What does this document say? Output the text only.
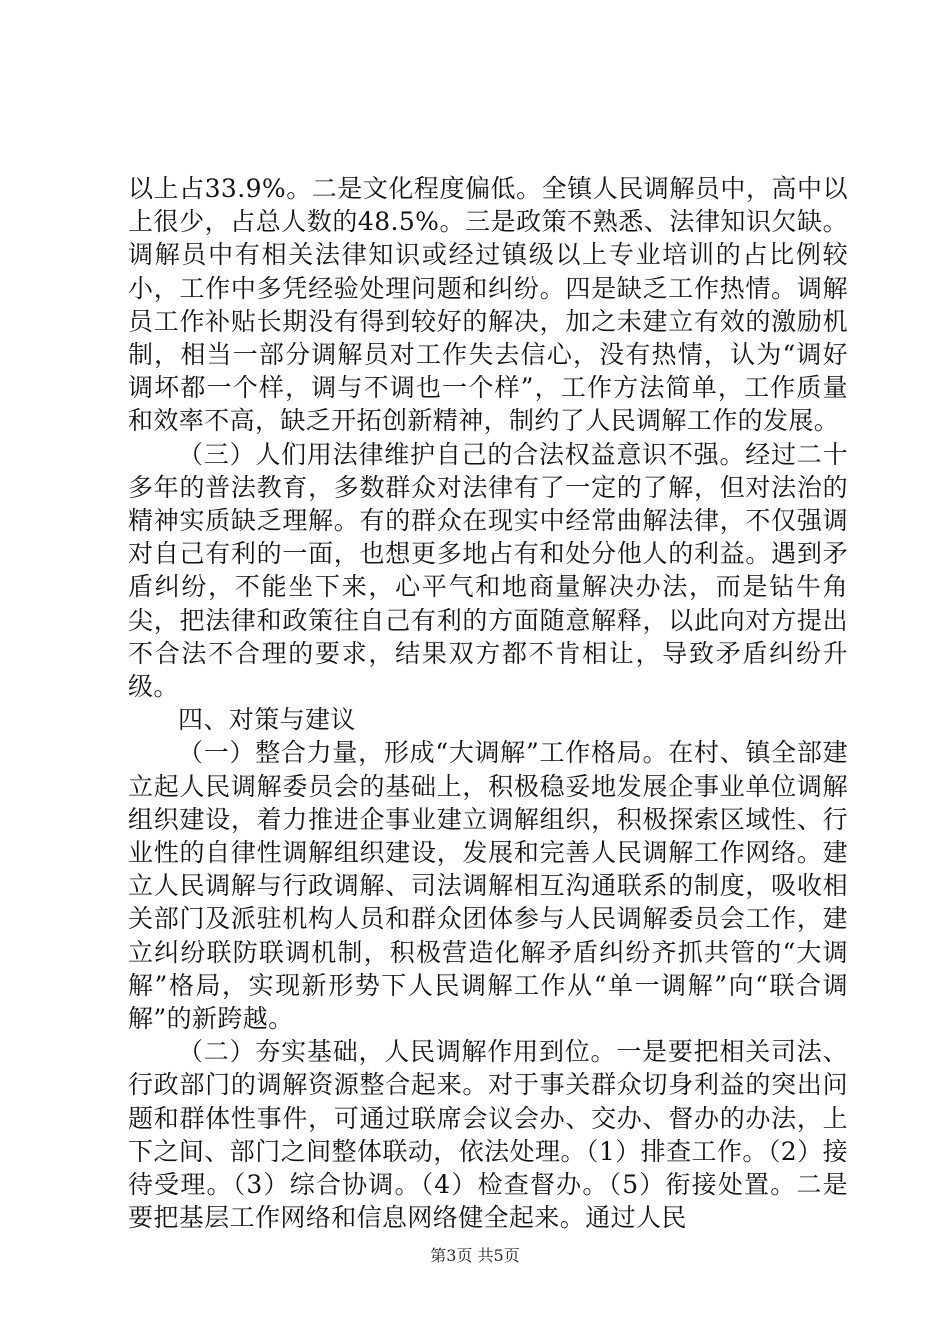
以上占33.9%。二是文化程度偏低。全镇人民调解员中，高中以上很少，占总人数的48.5%。三是政策不熟悉、法律知识欠缺。调解员中有相关法律知识或经过镇级以上专业培训的占比例较小，工作中多凭经验处理问题和纠纷。四是缺乏工作热情。调解员工作补贴长期没有得到较好的解决，加之未建立有效的激励机制，相当一部分调解员对工作失去信心，没有热情，认为“调好调坏都一个样，调与不调也一个样”，工作方法简单，工作质量和效率不高，缺乏开拓创新精神，制约了人民调解工作的发展。

（三）人们用法律维护自己的合法权益意识不强。经过二十多年的普法教育，多数群众对法律有了一定的了解，但对法治的精神实质缺乏理解。有的群众在现实中经常曲解法律，不仅强调对自己有利的一面，也想更多地占有和处分他人的利益。遇到矛盾纠纷，不能坐下来，心平气和地商量解决办法，而是钻牛角尖，把法律和政策往自己有利的方面随意解释，以此向对方提出不合法不合理的要求，结果双方都不肯相让，导致矛盾纠纷升级。

四、对策与建议

（一）整合力量，形成“大调解”工作格局。在村、镇全部建立起人民调解委员会的基础上，积极稳妥地发展企事业单位调解组织建设，着力推进企事业建立调解组织，积极探索区域性、行业性的自律性调解组织建设，发展和完善人民调解工作网络。建立人民调解与行政调解、司法调解相互沟通联系的制度，吸收相关部门及派驻机构人员和群众团体参与人民调解委员会工作，建立纠纷联防联调机制，积极营造化解矛盾纠纷齐抓共管的“大调解”格局，实现新形势下人民调解工作从“单一调解”向“联合调解”的新跨越。

（二）夯实基础，人民调解作用到位。一是要把相关司法、行政部门的调解资源整合起来。对于事关群众切身利益的突出问题和群体性事件，可通过联席会议会办、交办、督办的办法，上下之间、部门之间整体联动，依法处理。（1）排查工作。（2）接待受理。（3）综合协调。（4）检查督办。（5）衔接处置。二是要把基层工作网络和信息网络健全起来。通过人民

第3页 共5页
